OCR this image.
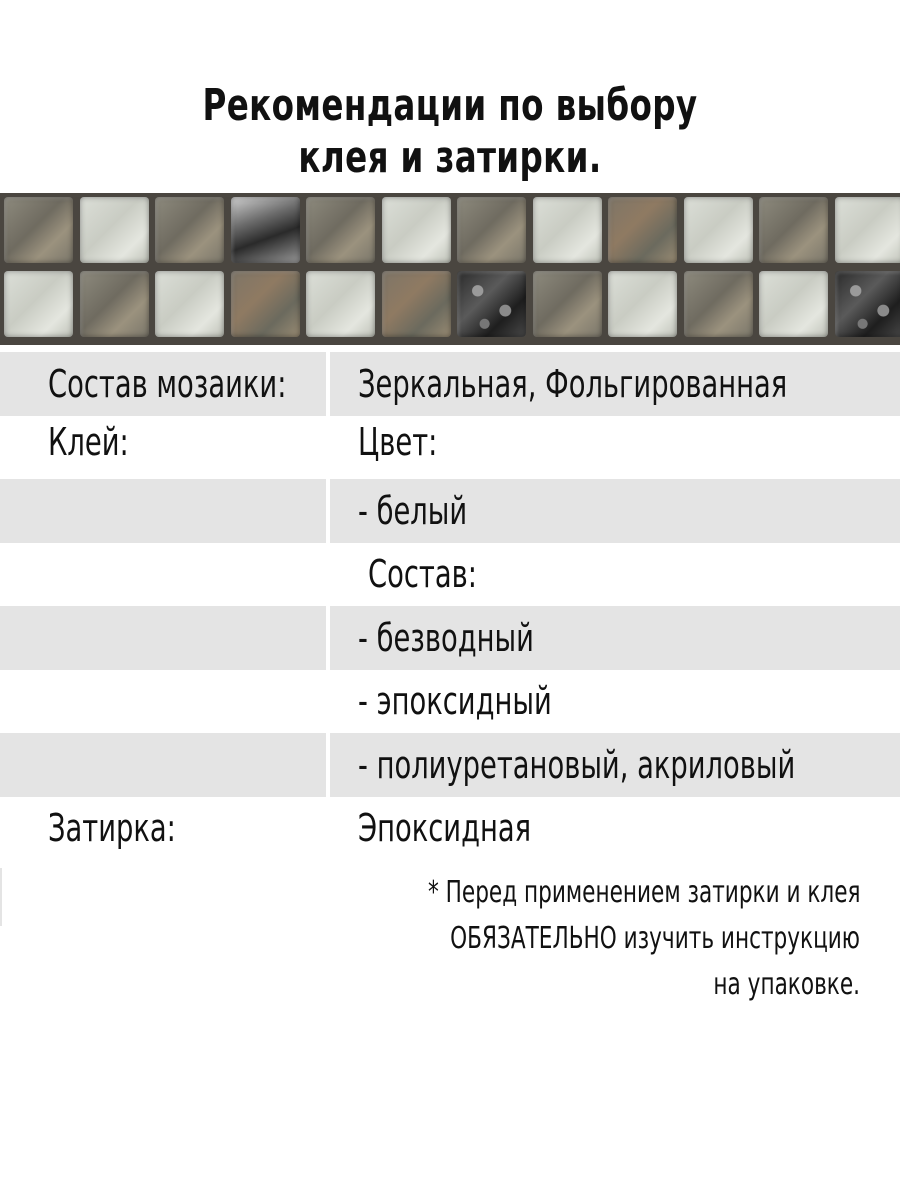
Рекомендации по выбору
клея и затирки.
Состав мозаики: Зеркальная, Фольгированная
Клей:	Цвет:
- белый
Состав:
- безводный
- эпоксидный
- полиуретановый, акриловый
Затирка:	Эпоксидная
* Перед применением затирки и клея
ОБЯЗАТЕЛЬНО изучить инструкцию
на упаковке.
